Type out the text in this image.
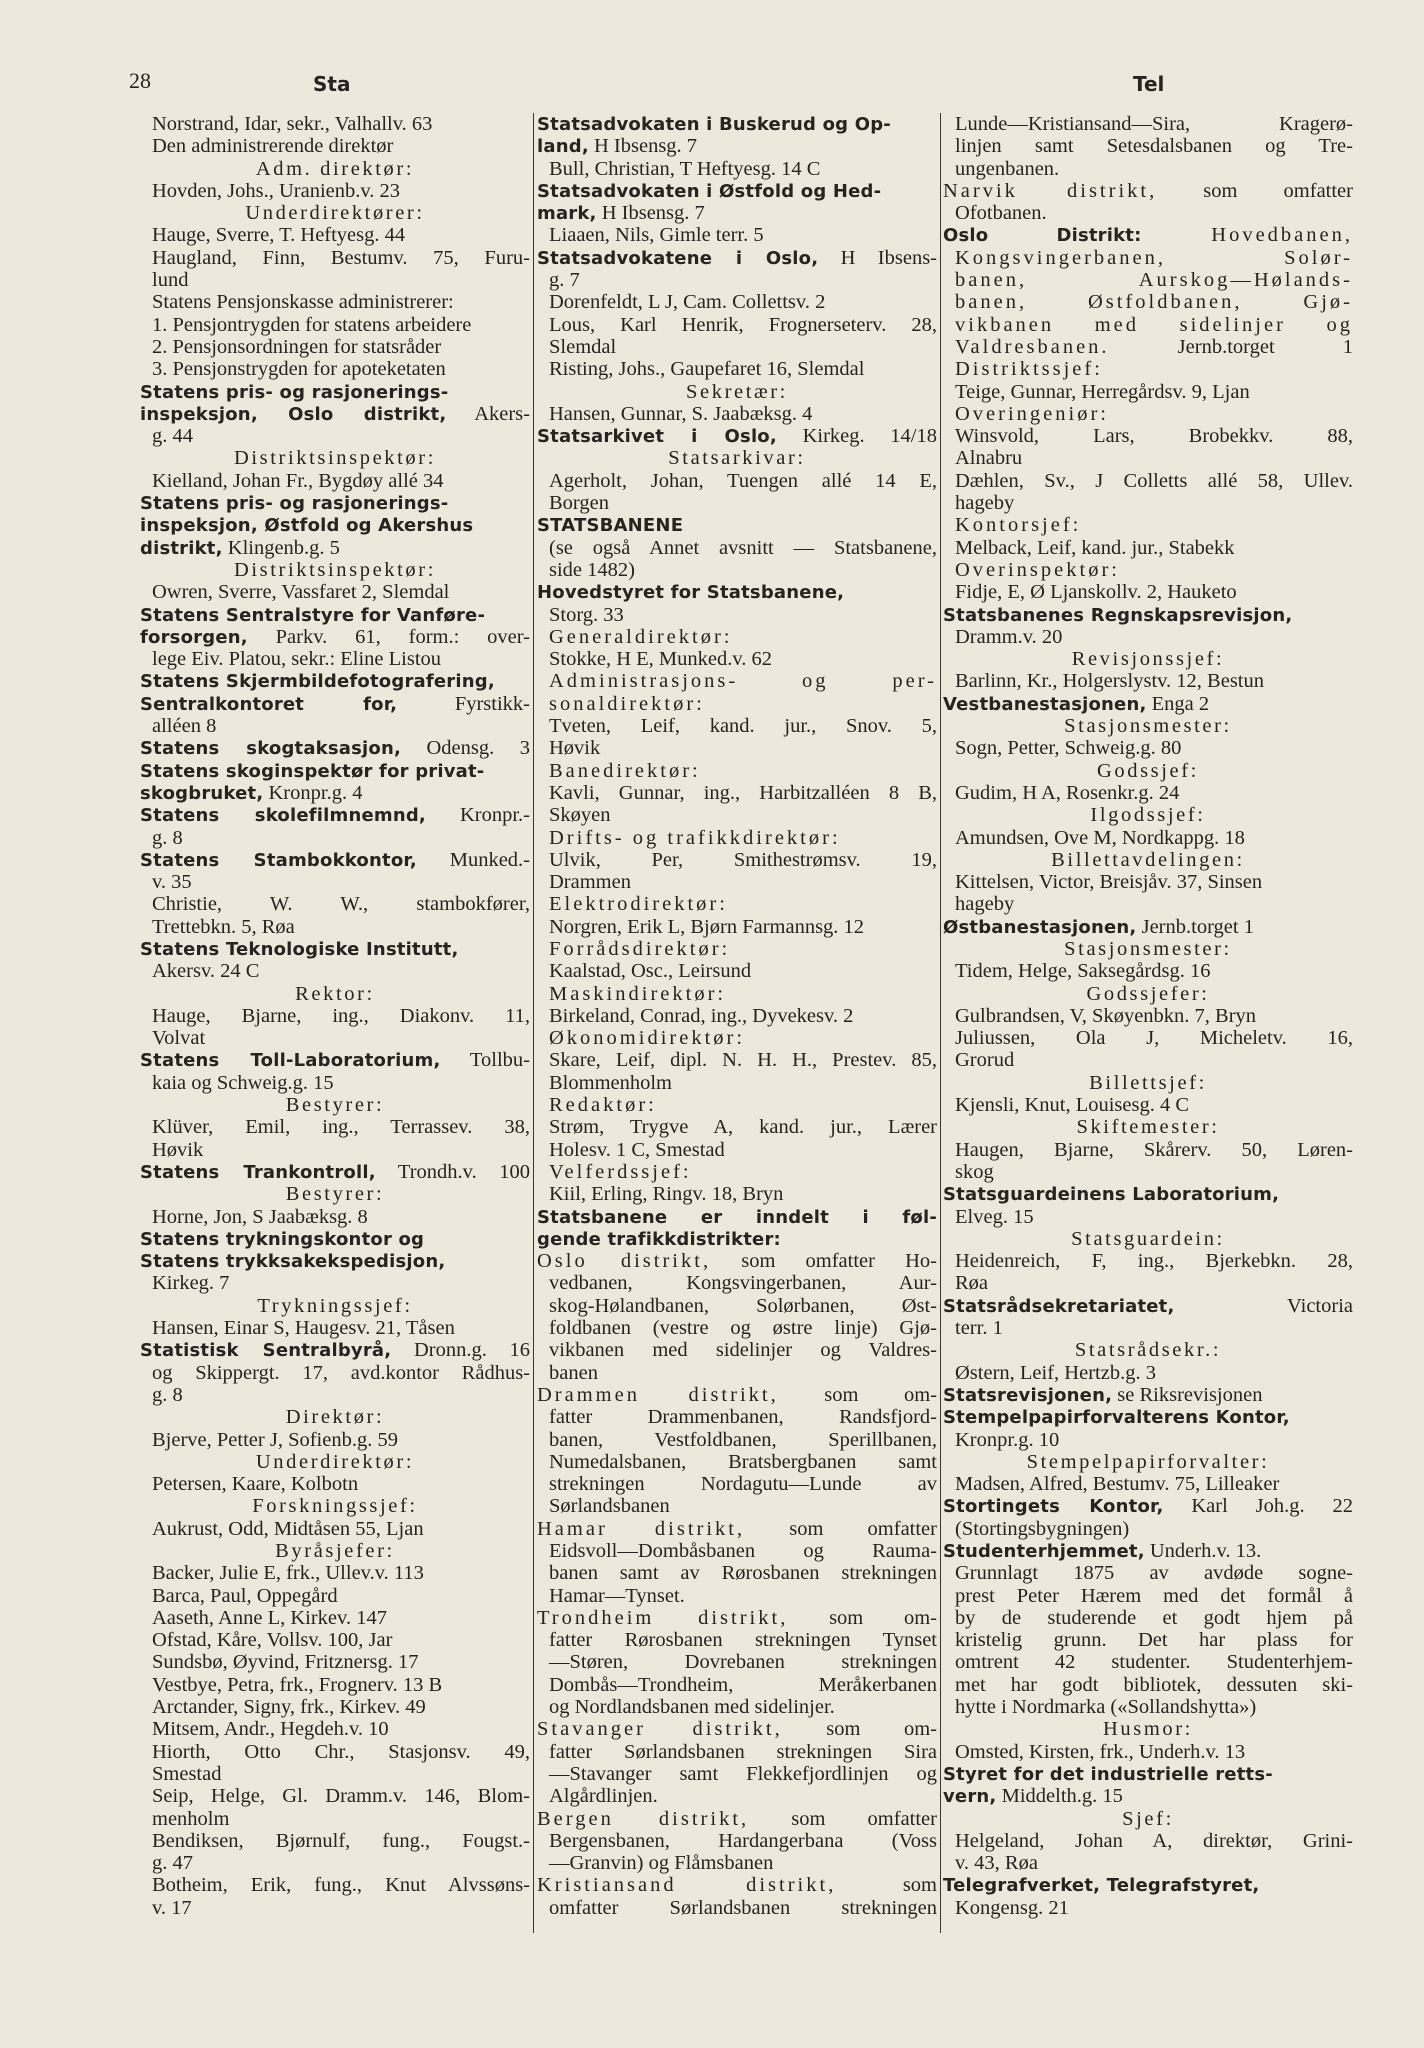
28	Sta	Tel
Norstrand, Idar, sekr., Valhallv. 63
Den administrerende direktør
Adm. direktør:
Hovden, Johs., Uranienb.v. 23
Underdirektører:
Hauge, Sverre, T. Heftyesg. 44
Haugland, Finn, Bestumv. 75, Furu-
lund
Statens Pensjonskasse administrerer:
1. Pensjontrygden for statens arbeidere
2. Pensjonsordningen for statsråder
3. Pensjonstrygden for apoteketaten
Statens pris- og rasjonerings-
inspeksjon, Oslo distrikt, Akers-
g. 44
Distriktsinspektør:
Kielland, Johan Fr., Bygdøy allé 34
Statens pris- og rasjonerings-
inspeksjon, Østfold og Akershus
distrikt, Klingenb.g. 5
Distriktsinspektør:
Owren, Sverre, Vassfaret 2, Slemdal
Statens Sentralstyre for Vanføre-
forsorgen, Parkv. 61, form.: over-
lege Eiv. Platou, sekr.: Eline Listou
Statens Skjermbildefotografering,
Sentralkontoret for, Fyrstikk-
alléen 8
Statens skogtaksasjon, Odensg. 3
Statens skoginspektør for privat-
skogbruket, Kronpr.g. 4
Statens skolefilmnemnd, Kronpr.-
g. 8
Statens Stambokkontor, Munked.-
v. 35
Christie, W. W., stambokfører,
Trettebkn. 5, Røa
Statens Teknologiske Institutt,
Akersv. 24 C
Rektor:
Hauge, Bjarne, ing., Diakonv. 11,
Volvat
Statens Toll-Laboratorium, Tollbu-
kaia og Schweig.g. 15
Bestyrer:
Klüver, Emil, ing., Terrassev. 38,
Høvik
Statens Trankontroll, Trondh.v. 100
Bestyrer:
Horne, Jon, S Jaabæksg. 8
Statens trykningskontor og
Statens trykksakekspedisjon,
Kirkeg. 7
Trykningssjef:
Hansen, Einar S, Haugesv. 21, Tåsen
Statistisk Sentralbyrå, Dronn.g. 16
og Skippergt. 17, avd.kontor Rådhus-
g. 8
Direktør:
Bjerve, Petter J, Sofienb.g. 59
Underdirektør:
Petersen, Kaare, Kolbotn
Forskningssjef:
Aukrust, Odd, Midtåsen 55, Ljan
Byråsjefer:
Backer, Julie E, frk., Ullev.v. 113
Barca, Paul, Oppegård
Aaseth, Anne L, Kirkev. 147
Ofstad, Kåre, Vollsv. 100, Jar
Sundsbø, Øyvind, Fritznersg. 17
Vestbye, Petra, frk., Frognerv. 13 B
Arctander, Signy, frk., Kirkev. 49
Mitsem, Andr., Hegdeh.v. 10
Hiorth, Otto Chr., Stasjonsv. 49,
Smestad
Seip, Helge, Gl. Dramm.v. 146, Blom-
menholm
Bendiksen, Bjørnulf, fung., Fougst.-
g. 47
Botheim, Erik, fung., Knut Alvssøns-
v. 17
Statsadvokaten i Buskerud og Op-
land, H Ibsensg. 7
Bull, Christian, T Heftyesg. 14 C
Statsadvokaten i Østfold og Hed-
mark, H Ibsensg. 7
Liaaen, Nils, Gimle terr. 5
Statsadvokatene i Oslo, H Ibsens-
g. 7
Dorenfeldt, L J, Cam. Collettsv. 2
Lous, Karl Henrik, Frognerseterv. 28,
Slemdal
Risting, Johs., Gaupefaret 16, Slemdal
Sekretær:
Hansen, Gunnar, S. Jaabæksg. 4
Statsarkivet i Oslo, Kirkeg. 14/18
Statsarkivar:
Agerholt, Johan, Tuengen allé 14 E,
Borgen
STATSBANENE
(se også Annet avsnitt — Statsbanene,
side 1482)
Hovedstyret for Statsbanene,
Storg. 33
Generaldirektør:
Stokke, H E, Munked.v. 62
Administrasjons- og per-
sonaldirektør:
Tveten, Leif, kand. jur., Snov. 5,
Høvik
Banedirektør:
Kavli, Gunnar, ing., Harbitzalléen 8 B,
Skøyen
Drifts- og trafikkdirektør:
Ulvik, Per, Smithestrømsv. 19,
Drammen
Elektrodirektør:
Norgren, Erik L, Bjørn Farmannsg. 12
Forrådsdirektør:
Kaalstad, Osc., Leirsund
Maskindirektør:
Birkeland, Conrad, ing., Dyvekesv. 2
Økonomidirektør:
Skare, Leif, dipl. N. H. H., Prestev. 85,
Blommenholm
Redaktør:
Strøm, Trygve A, kand. jur., Lærer
Holesv. 1 C, Smestad
Velferdssjef:
Kiil, Erling, Ringv. 18, Bryn
Statsbanene er inndelt i føl-
gende trafikkdistrikter:
Oslo distrikt, som omfatter Ho-
vedbanen, Kongsvingerbanen, Aur-
skog-Hølandbanen, Solørbanen, Øst-
foldbanen (vestre og østre linje) Gjø-
vikbanen med sidelinjer og Valdres-
banen
Drammen distrikt, som om-
fatter Drammenbanen, Randsfjord-
banen, Vestfoldbanen, Sperillbanen,
Numedalsbanen, Bratsbergbanen samt
strekningen Nordagutu—Lunde av
Sørlandsbanen
Hamar distrikt, som omfatter
Eidsvoll—Dombåsbanen og Rauma-
banen samt av Rørosbanen strekningen
Hamar—Tynset.
Trondheim distrikt, som om-
fatter Rørosbanen strekningen Tynset
—Støren, Dovrebanen strekningen
Dombås—Trondheim, Meråkerbanen
og Nordlandsbanen med sidelinjer.
Stavanger distrikt, som om-
fatter Sørlandsbanen strekningen Sira
—Stavanger samt Flekkefjordlinjen og
Algårdlinjen.
Bergen distrikt, som omfatter
Bergensbanen, Hardangerbana (Voss
—Granvin) og Flåmsbanen
Kristiansand distrikt, som
omfatter Sørlandsbanen strekningen
Lunde—Kristiansand—Sira, Kragerø-
linjen samt Setesdalsbanen og Tre-
ungenbanen.
Narvik distrikt, som omfatter
Ofotbanen.
Oslo Distrikt: Hovedbanen,
Kongsvingerbanen, Solør-
banen, Aurskog—Hølands-
banen, Østfoldbanen, Gjø-
vikbanen med sidelinjer og
Valdresbanen. Jernb.torget 1
Distriktssjef:
Teige, Gunnar, Herregårdsv. 9, Ljan
Overingeniør:
Winsvold, Lars, Brobekkv. 88,
Alnabru
Dæhlen, Sv., J Colletts allé 58, Ullev.
hageby
Kontorsjef:
Melback, Leif, kand. jur., Stabekk
Overinspektør:
Fidje, E, Ø Ljanskollv. 2, Hauketo
Statsbanenes Regnskapsrevisjon,
Dramm.v. 20
Revisjonssjef:
Barlinn, Kr., Holgerslystv. 12, Bestun
Vestbanestasjonen, Enga 2
Stasjonsmester:
Sogn, Petter, Schweig.g. 80
Godssjef:
Gudim, H A, Rosenkr.g. 24
Ilgodssjef:
Amundsen, Ove M, Nordkappg. 18
Billettavdelingen:
Kittelsen, Victor, Breisjåv. 37, Sinsen
hageby
Østbanestasjonen, Jernb.torget 1
Stasjonsmester:
Tidem, Helge, Saksegårdsg. 16
Godssjefer:
Gulbrandsen, V, Skøyenbkn. 7, Bryn
Juliussen, Ola J, Micheletv. 16,
Grorud
Billettsjef:
Kjensli, Knut, Louisesg. 4 C
Skiftemester:
Haugen, Bjarne, Skårerv. 50, Løren-
skog
Statsguardeinens Laboratorium,
Elveg. 15
Statsguardein:
Heidenreich, F, ing., Bjerkebkn. 28,
Røa
Statsrådsekretariatet, Victoria
terr. 1
Statsrådsekr.:
Østern, Leif, Hertzb.g. 3
Statsrevisjonen, se Riksrevisjonen
Stempelpapirforvalterens Kontor,
Kronpr.g. 10
Stempelpapirforvalter:
Madsen, Alfred, Bestumv. 75, Lilleaker
Stortingets Kontor, Karl Joh.g. 22
(Stortingsbygningen)
Studenterhjemmet, Underh.v. 13.
Grunnlagt 1875 av avdøde sogne-
prest Peter Hærem med det formål å
by de studerende et godt hjem på
kristelig grunn. Det har plass for
omtrent 42 studenter. Studenterhjem-
met har godt bibliotek, dessuten ski-
hytte i Nordmarka («Sollandshytta»)
Husmor:
Omsted, Kirsten, frk., Underh.v. 13
Styret for det industrielle retts-
vern, Middelth.g. 15
Sjef:
Helgeland, Johan A, direktør, Grini-
v. 43, Røa
Telegrafverket, Telegrafstyret,
Kongensg. 21
